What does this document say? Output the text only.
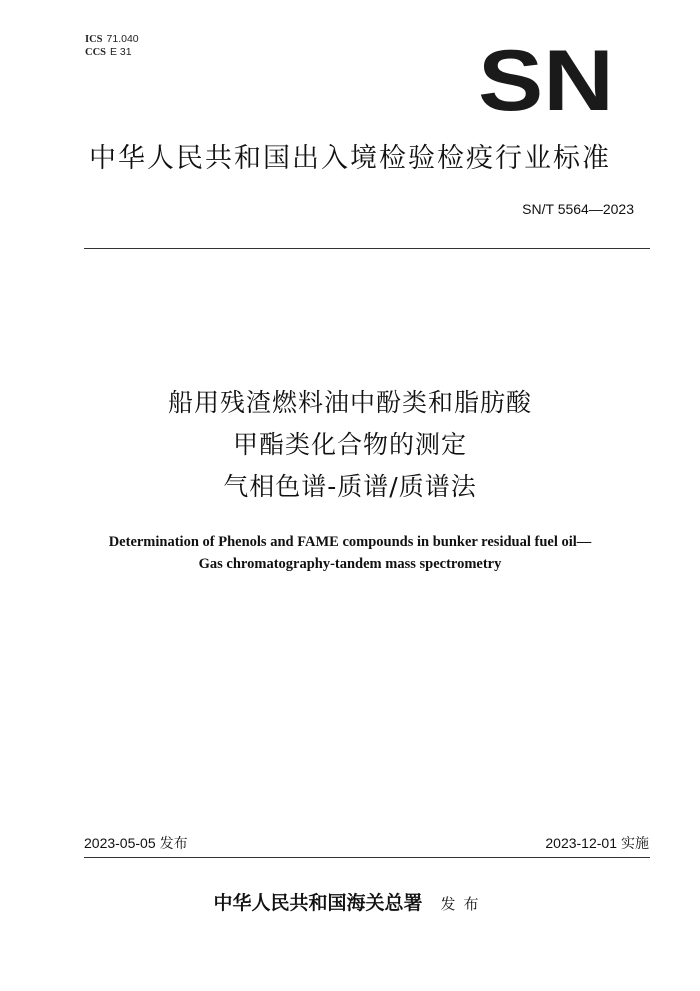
ICS 71.040
CCS E 31	SN
中华人民共和国出入境检验检疫行业标准
SN/T 5564—2023
船用残渣燃料油中酚类和脂肪酸
甲酯类化合物的测定
气相色谱-质谱/质谱法
Determination of Phenols and FAME compounds in bunker residual fuel oil—
Gas chromatography-tandem mass spectrometry
2023-05-05 发布	2023-12-01 实施
中华人民共和国海关总署 发布
